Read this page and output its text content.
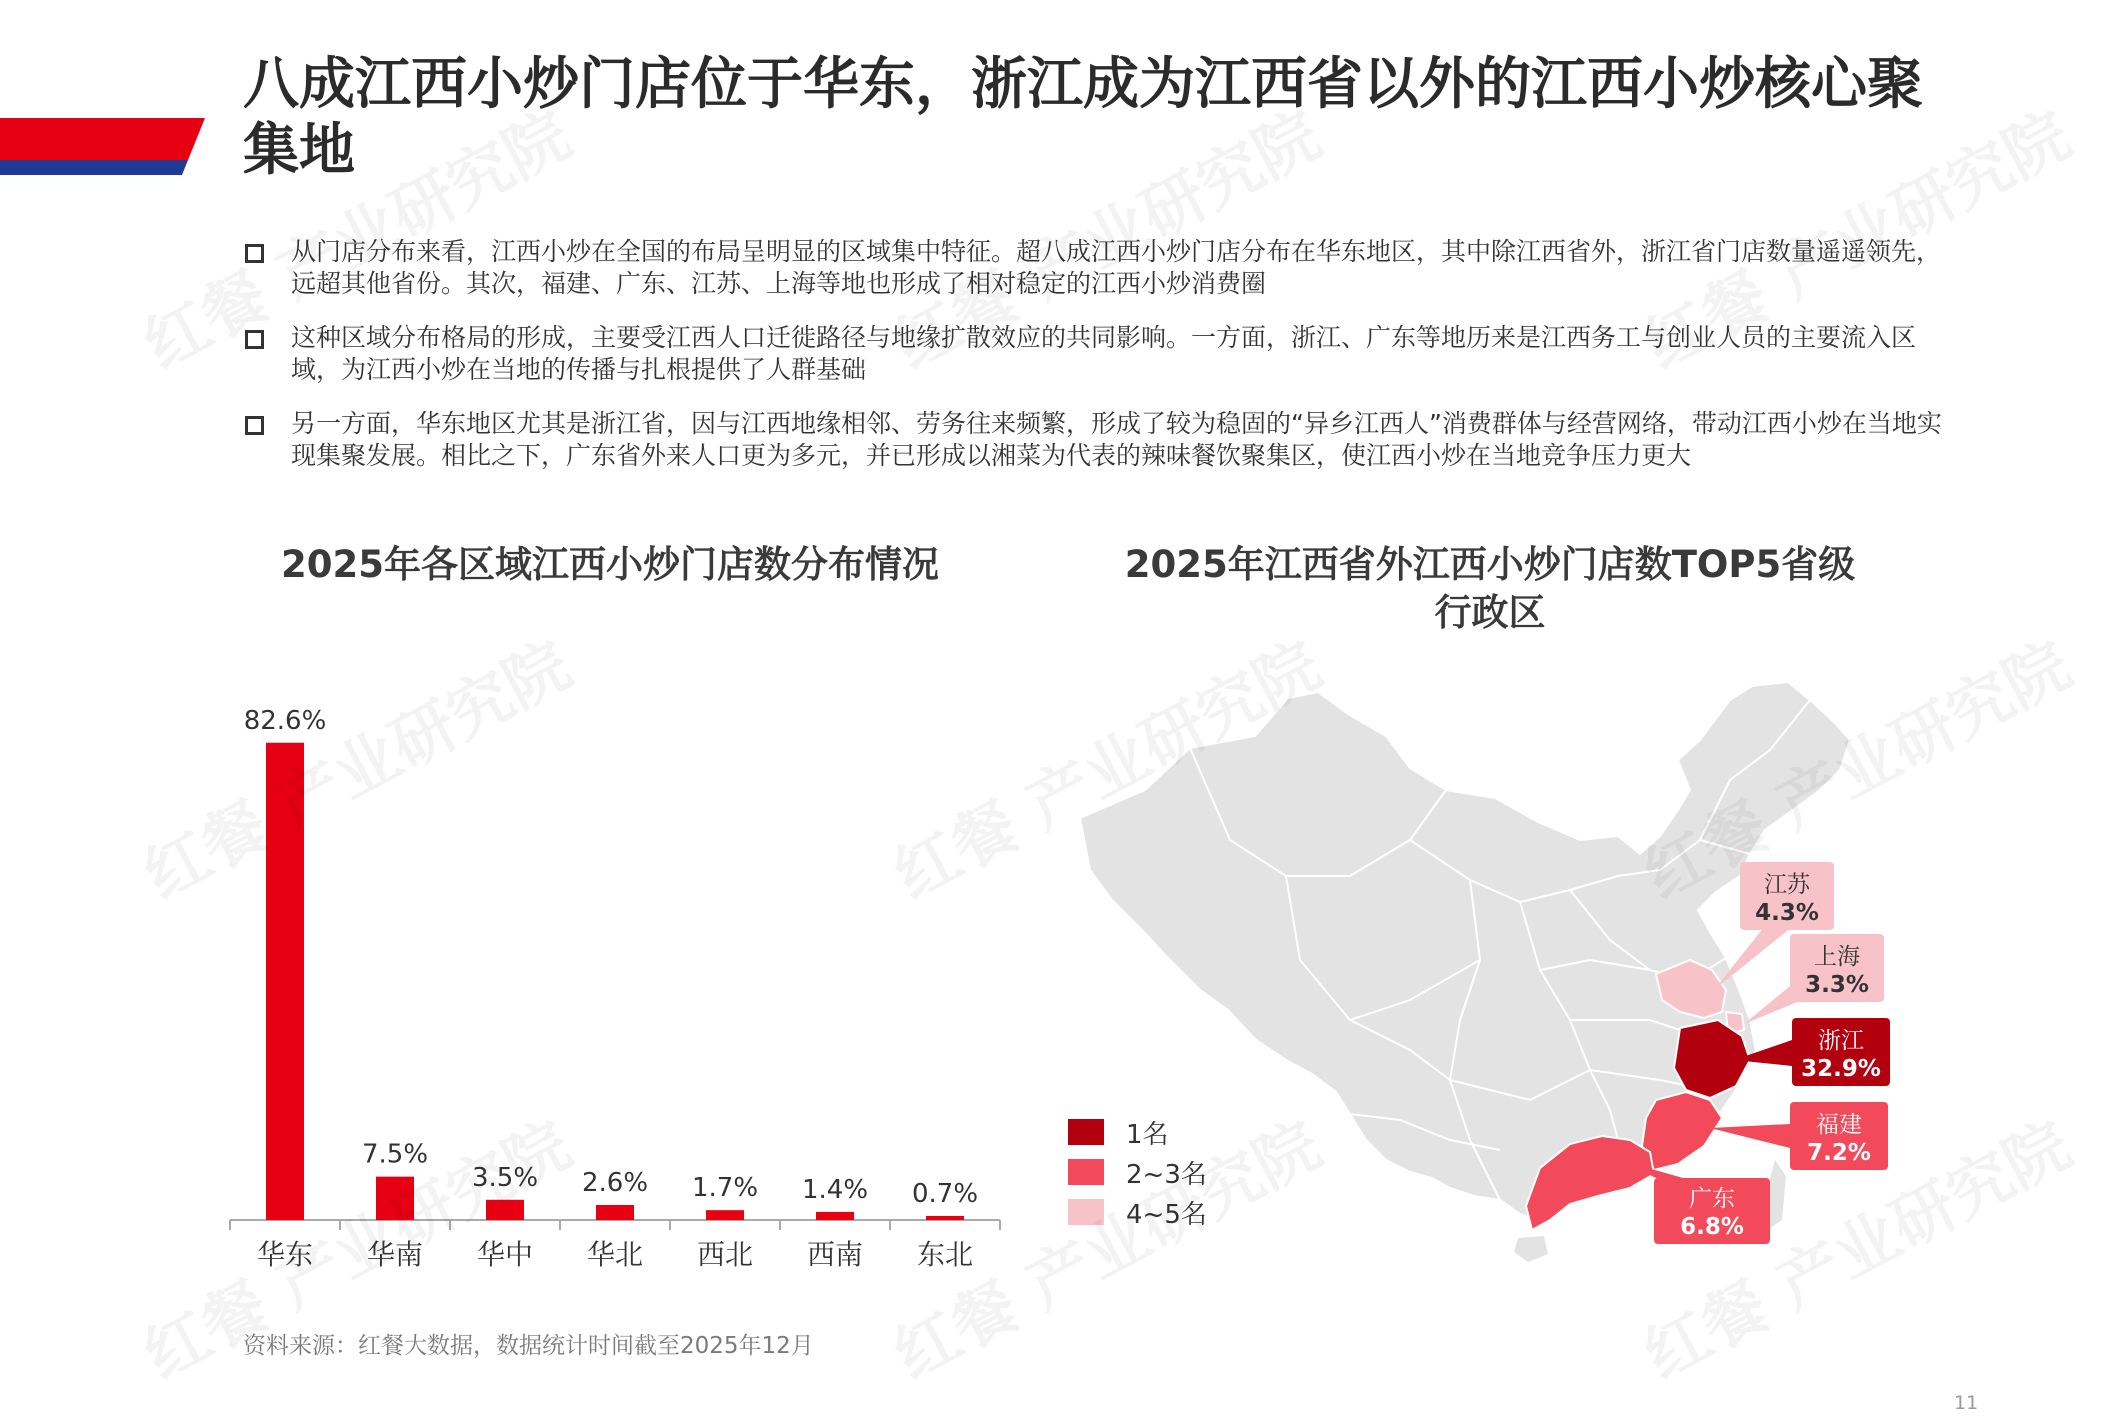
八成江西小炒门店位于华东，浙江成为江西省以外的江西小炒核心聚集地
从门店分布来看，江西小炒在全国的布局呈明显的区域集中特征。超八成江西小炒门店分布在华东地区，其中除江西省外，浙江省门店数量遥遥领先，远超其他省份。其次，福建、广东、江苏、上海等地也形成了相对稳定的江西小炒消费圈
这种区域分布格局的形成，主要受江西人口迁徙路径与地缘扩散效应的共同影响。一方面，浙江、广东等地历来是江西务工与创业人员的主要流入区域，为江西小炒在当地的传播与扎根提供了人群基础
另一方面，华东地区尤其是浙江省，因与江西地缘相邻、劳务往来频繁，形成了较为稳固的“异乡江西人”消费群体与经营网络，带动江西小炒在当地实现集聚发展。相比之下，广东省外来人口更为多元，并已形成以湘菜为代表的辣味餐饮聚集区，使江西小炒在当地竞争压力更大
2025年各区域江西小炒门店数分布情况	2025年江西省外江西小炒门店数TOP5省级行政区
82.6%
华东
7.5%
华南
3.5%
华中
2.6%
华北
1.7%
西北
1.4%
西南
0.7%
东北
江苏
4.3%
上海
3.3%
浙江
32.9%
福建
7.2%
广东
6.8%
1名
2~3名
4~5名
资料来源：红餐大数据，数据统计时间截至2025年12月
11
